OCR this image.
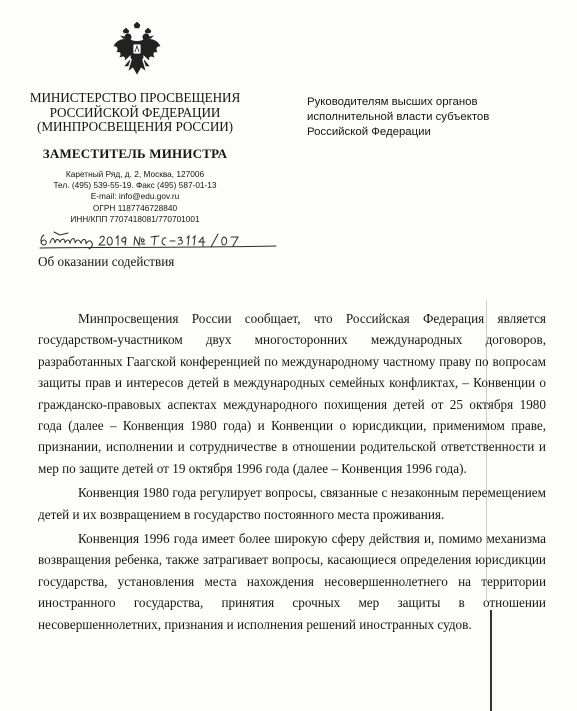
МИНИСТЕРСТВО ПРОСВЕЩЕНИЯ
РОССИЙСКОЙ ФЕДЕРАЦИИ
(МИНПРОСВЕЩЕНИЯ РОССИИ)
ЗАМЕСТИТЕЛЬ МИНИСТРА
Каретный Ряд, д. 2, Москва, 127006
Тел. (495) 539-55-19. Факс (495) 587-01-13
E-mail: info@edu.gov.ru
ОГРН 1187746728840
ИНН/КПП 7707418081/770701001
Руководителям высших органов
исполнительной власти субъектов
Российской Федерации
Об оказании содействия

Минпросвещения России сообщает, что Российская Федерация является государством-участником двух многосторонних международных договоров, разработанных Гаагской конференцией по международному частному праву по вопросам защиты прав и интересов детей в международных семейных конфликтах, – Конвенции о гражданско-правовых аспектах международного похищения детей от 25 октября 1980 года (далее – Конвенция 1980 года) и Конвенции о юрисдикции, применимом праве, признании, исполнении и сотрудничестве в отношении родительской ответственности и мер по защите детей от 19 октября 1996 года (далее – Конвенция 1996 года).

Конвенция 1980 года регулирует вопросы, связанные с незаконным перемещением детей и их возвращением в государство постоянного места проживания.

Конвенция 1996 года имеет более широкую сферу действия и, помимо механизма возвращения ребенка, также затрагивает вопросы, касающиеся определения юрисдикции государства, установления места нахождения несовершеннолетнего на территории иностранного государства, принятия срочных мер защиты в отношении несовершеннолетних, признания и исполнения решений иностранных судов.
